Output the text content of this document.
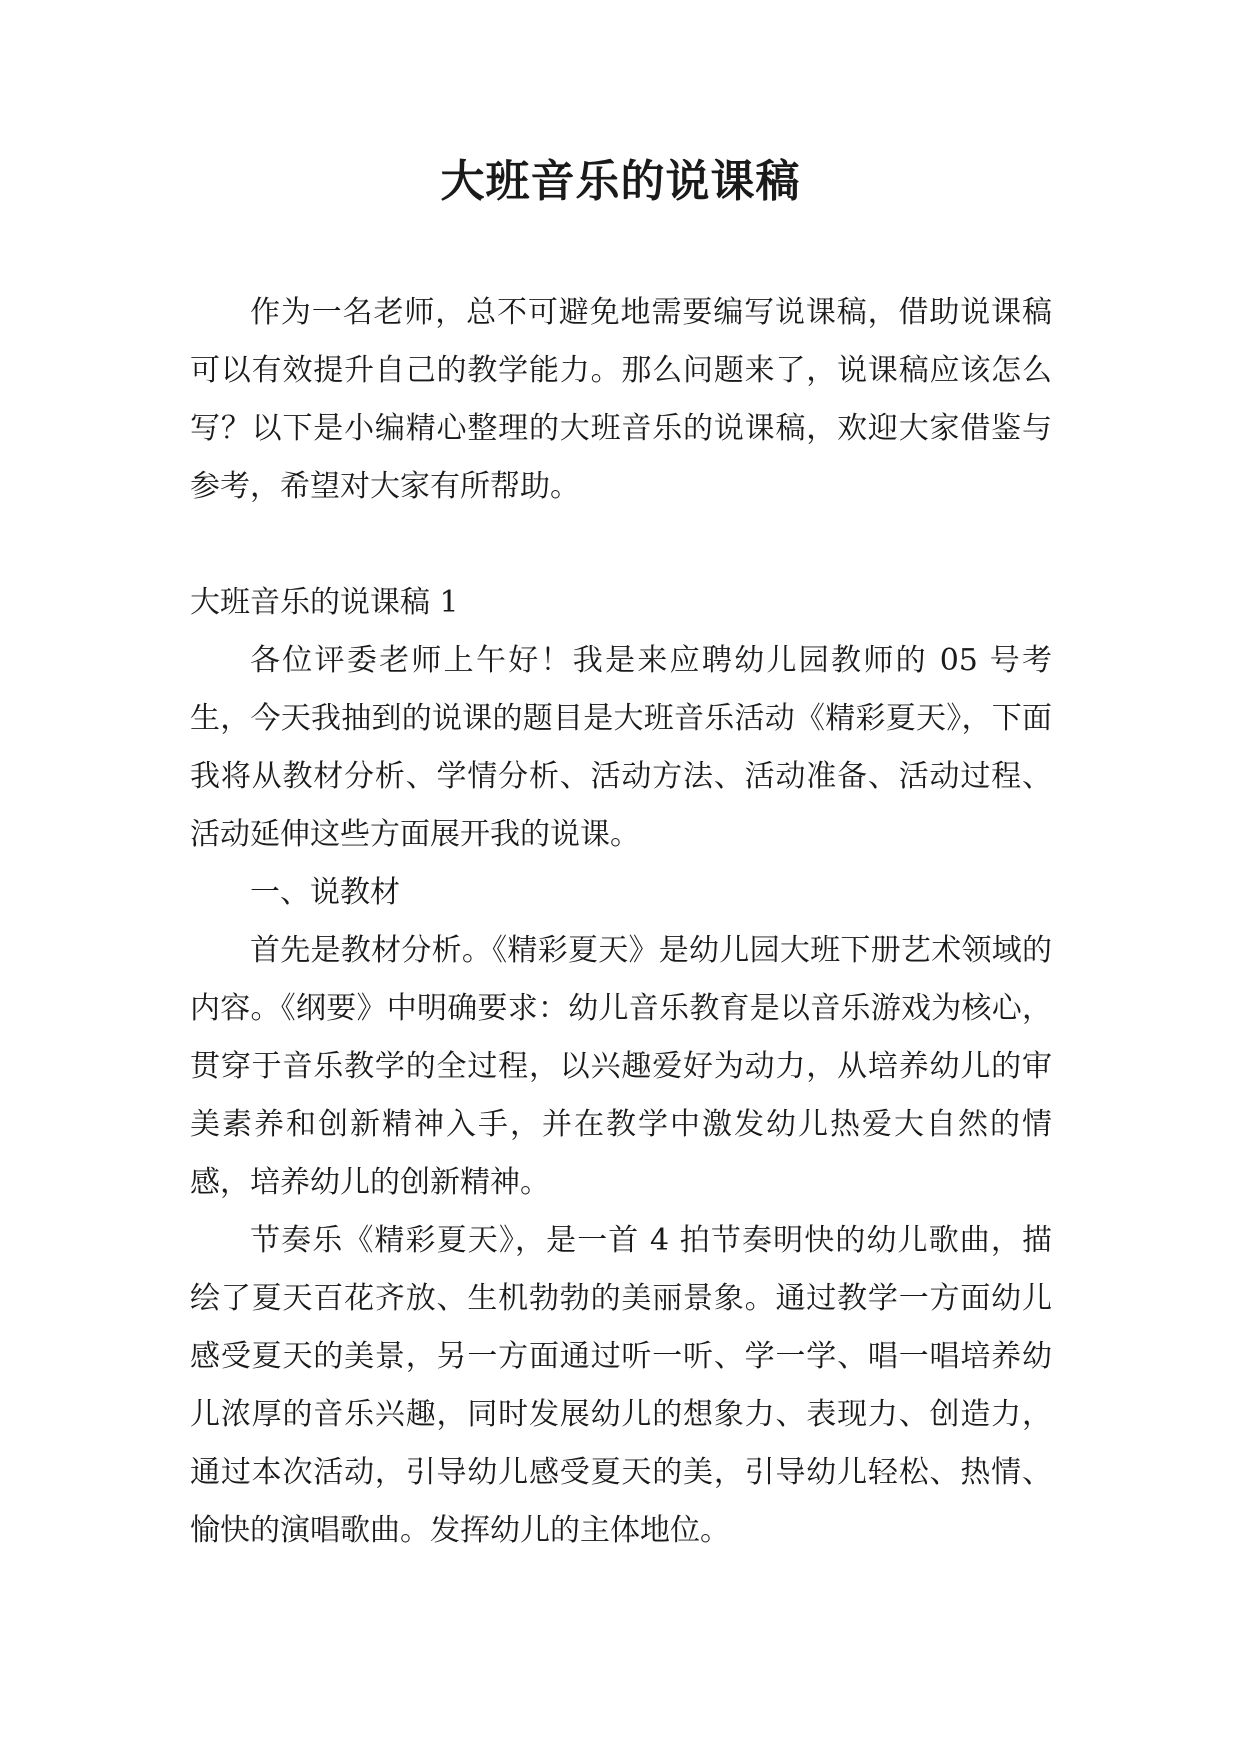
大班音乐的说课稿

作为一名老师，总不可避免地需要编写说课稿，借助说课稿可以有效提升自己的教学能力。那么问题来了，说课稿应该怎么写？以下是小编精心整理的大班音乐的说课稿，欢迎大家借鉴与参考，希望对大家有所帮助。

大班音乐的说课稿 1

各位评委老师上午好！我是来应聘幼儿园教师的 05 号考生，今天我抽到的说课的题目是大班音乐活动《精彩夏天》，下面我将从教材分析、学情分析、活动方法、活动准备、活动过程、活动延伸这些方面展开我的说课。

一、说教材

首先是教材分析。《精彩夏天》是幼儿园大班下册艺术领域的内容。《纲要》中明确要求：幼儿音乐教育是以音乐游戏为核心，贯穿于音乐教学的全过程，以兴趣爱好为动力，从培养幼儿的审美素养和创新精神入手，并在教学中激发幼儿热爱大自然的情感，培养幼儿的创新精神。

节奏乐《精彩夏天》，是一首 4 拍节奏明快的幼儿歌曲，描绘了夏天百花齐放、生机勃勃的美丽景象。通过教学一方面幼儿感受夏天的美景，另一方面通过听一听、学一学、唱一唱培养幼儿浓厚的音乐兴趣，同时发展幼儿的想象力、表现力、创造力，通过本次活动，引导幼儿感受夏天的美，引导幼儿轻松、热情、愉快的演唱歌曲。发挥幼儿的主体地位。
